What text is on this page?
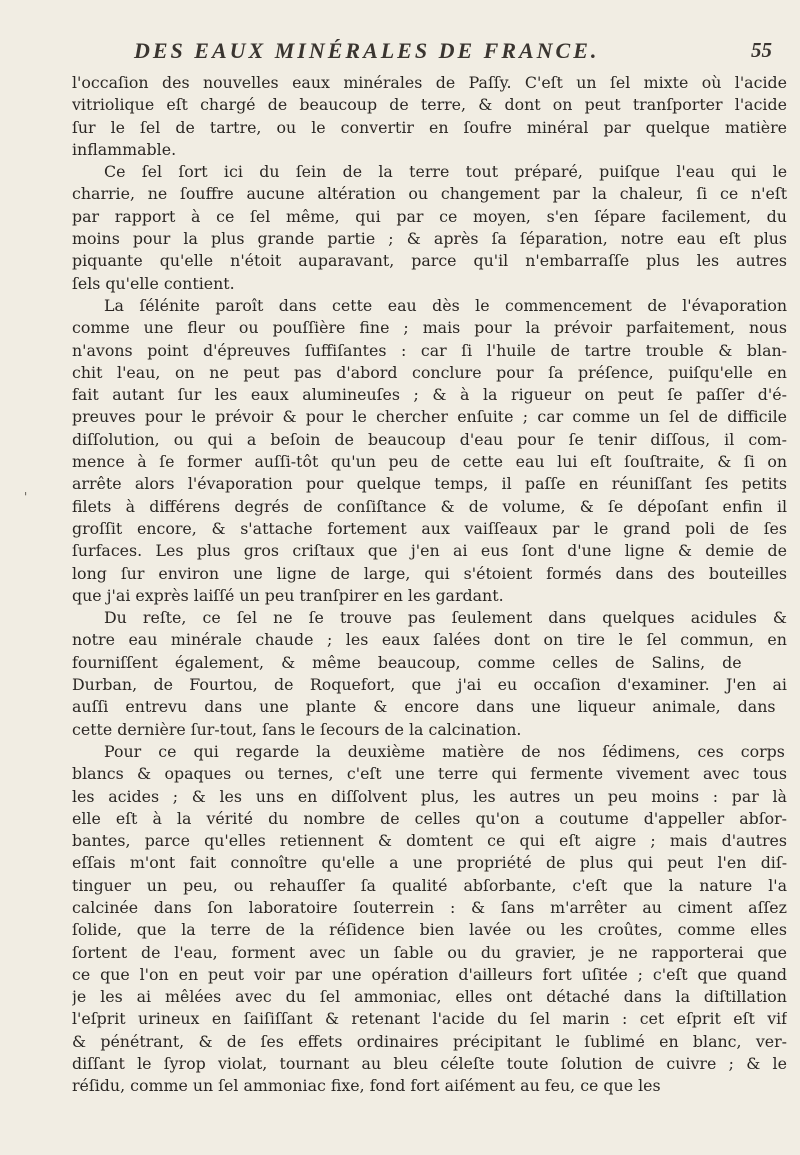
DES EAUX MINÉRALES DE FRANCE.	55
'
l'occaſion des nouvelles eaux minérales de Paſſy. C'eſt un ſel mixte où l'acide
vitriolique eſt chargé de beaucoup de terre, & dont on peut tranſporter l'acide
ſur le ſel de tartre, ou le convertir en ſoufre minéral par quelque matière
inflammable.
Ce ſel ſort ici du ſein de la terre tout préparé, puiſque l'eau qui le
charrie, ne ſouffre aucune altération ou changement par la chaleur, ſi ce n'eſt
par rapport à ce ſel même, qui par ce moyen, s'en ſépare facilement, du
moins pour la plus grande partie ; & après ſa ſéparation, notre eau eſt plus
piquante qu'elle n'étoit auparavant, parce qu'il n'embarraſſe plus les autres
ſels qu'elle contient.
La ſélénite paroît dans cette eau dès le commencement de l'évaporation
comme une fleur ou pouſſière fine ; mais pour la prévoir parfaitement, nous
n'avons point d'épreuves ſuffiſantes : car ſi l'huile de tartre trouble & blan-
chit l'eau, on ne peut pas d'abord conclure pour ſa préſence, puiſqu'elle en
fait autant ſur les eaux alumineuſes ; & à la rigueur on peut ſe paſſer d'é-
preuves pour le prévoir & pour le chercher enſuite ; car comme un ſel de difficile
diſſolution, ou qui a beſoin de beaucoup d'eau pour ſe tenir diſſous, il com-
mence à ſe former auſſi-tôt qu'un peu de cette eau lui eſt ſouſtraite, & ſi on
arrête alors l'évaporation pour quelque temps, il paſſe en réuniſſant ſes petits
filets à différens degrés de conſiſtance & de volume, & ſe dépoſant enfin il
groſſit encore, & s'attache fortement aux vaiſſeaux par le grand poli de ſes
ſurfaces. Les plus gros criſtaux que j'en ai eus ſont d'une ligne & demie de
long ſur environ une ligne de large, qui s'étoient formés dans des bouteilles
que j'ai exprès laiſſé un peu tranſpirer en les gardant.
Du reſte, ce ſel ne ſe trouve pas ſeulement dans quelques acidules &
notre eau minérale chaude ; les eaux ſalées dont on tire le ſel commun, en
fourniſſent également, & même beaucoup, comme celles de Salins, de
Durban, de Fourtou, de Roquefort, que j'ai eu occaſion d'examiner. J'en ai
auſſi entrevu dans une plante & encore dans une liqueur animale, dans
cette dernière ſur-tout, ſans le ſecours de la calcination.
Pour ce qui regarde la deuxième matière de nos ſédimens, ces corps
blancs & opaques ou ternes, c'eſt une terre qui fermente vivement avec tous
les acides ; & les uns en diſſolvent plus, les autres un peu moins : par là
elle eſt à la vérité du nombre de celles qu'on a coutume d'appeller abſor-
bantes, parce qu'elles retiennent & domtent ce qui eſt aigre ; mais d'autres
eſſais m'ont fait connoître qu'elle a une propriété de plus qui peut l'en diſ-
tinguer un peu, ou rehauſſer ſa qualité abſorbante, c'eſt que la nature l'a
calcinée dans ſon laboratoire ſouterrein : & ſans m'arrêter au ciment aſſez
ſolide, que la terre de la réſidence bien lavée ou les croûtes, comme elles
ſortent de l'eau, forment avec un ſable ou du gravier, je ne rapporterai que
ce que l'on en peut voir par une opération d'ailleurs fort uſitée ; c'eſt que quand
je les ai mêlées avec du ſel ammoniac, elles ont détaché dans la diſtillation
l'eſprit urineux en ſaiſiſſant & retenant l'acide du ſel marin : cet eſprit eſt vif
& pénétrant, & de ſes effets ordinaires précipitant le ſublimé en blanc, ver-
diſſant le ſyrop violat, tournant au bleu céleſte toute ſolution de cuivre ; & le
réſidu, comme un ſel ammoniac fixe, fond fort aiſément au feu, ce que les
